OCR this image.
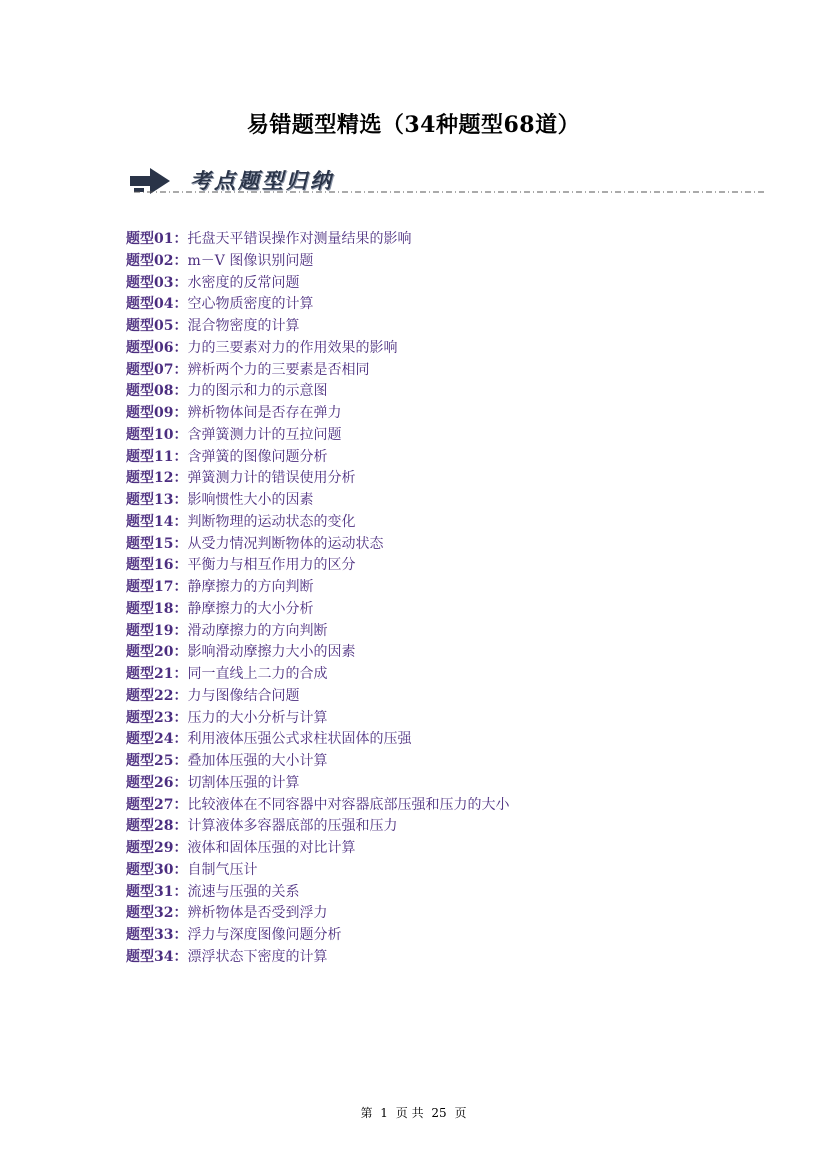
易错题型精选（34种题型68道）
考点题型归纳
题型01：托盘天平错误操作对测量结果的影响
题型02：m－V 图像识别问题
题型03：水密度的反常问题
题型04：空心物质密度的计算
题型05：混合物密度的计算
题型06：力的三要素对力的作用效果的影响
题型07：辨析两个力的三要素是否相同
题型08：力的图示和力的示意图
题型09：辨析物体间是否存在弹力
题型10：含弹簧测力计的互拉问题
题型11：含弹簧的图像问题分析
题型12：弹簧测力计的错误使用分析
题型13：影响惯性大小的因素
题型14：判断物理的运动状态的变化
题型15：从受力情况判断物体的运动状态
题型16：平衡力与相互作用力的区分
题型17：静摩擦力的方向判断
题型18：静摩擦力的大小分析
题型19：滑动摩擦力的方向判断
题型20：影响滑动摩擦力大小的因素
题型21：同一直线上二力的合成
题型22：力与图像结合问题
题型23：压力的大小分析与计算
题型24：利用液体压强公式求柱状固体的压强
题型25：叠加体压强的大小计算
题型26：切割体压强的计算
题型27：比较液体在不同容器中对容器底部压强和压力的大小
题型28：计算液体多容器底部的压强和压力
题型29：液体和固体压强的对比计算
题型30：自制气压计
题型31：流速与压强的关系
题型32：辨析物体是否受到浮力
题型33：浮力与深度图像问题分析
题型34：漂浮状态下密度的计算
第 1 页 共 25 页
